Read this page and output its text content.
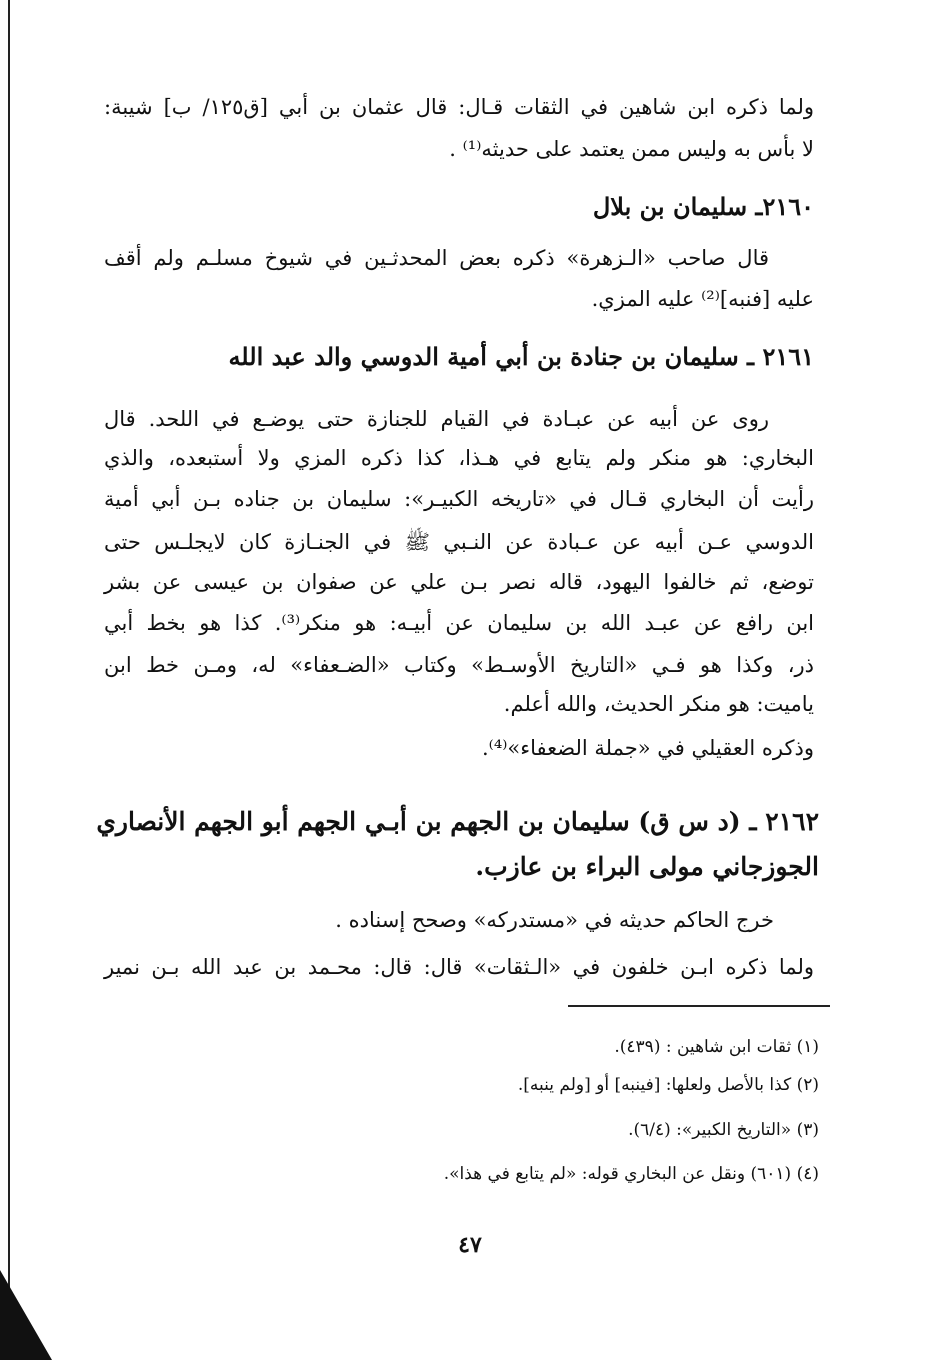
ولما ذكره ابن شاهين في الثقات قـال: قال عثمان بن أبي [ق١٢٥/ ب] شيبة:
لا بأس به وليس ممن يعتمد على حديثه⁽¹⁾ .
٢١٦٠ـ سليمان بن بلال
قال صاحب «الـزهرة» ذكره بعض المحدثـين في شيوخ مسلـم ولم أقف
عليه [فنبه]⁽²⁾ عليه المزي.
٢١٦١ ـ سليمان بن جنادة بن أبي أمية الدوسي والد عبد الله
روى عن أبيه عن عبـادة في القيام للجنازة حتى يوضـع في اللحد. قال
البخاري: هو منكر ولم يتابع في هـذا، كذا ذكره المزي ولا أستبعده، والذي
رأيت أن البخاري قـال في «تاريخه الكبيـر»: سليمان بن جناده بـن أبي أمية
الدوسي عـن أبيه عن عـبادة عن النـبي ﷺ في الجنـازة كان لايجلـس حتى
توضع، ثم خالفوا اليهود، قاله نصر بـن علي عن صفوان بن عيسى عن بشر
ابن رافع عن عبـد الله بن سليمان عن أبيـه: هو منكر⁽³⁾. كذا هو بخط أبي
ذر، وكذا هو فـي «التاريخ الأوسـط» وكتاب «الضـعفاء» له، ومـن خط ابن
ياميت: هو منكر الحديث، والله أعلم.
وذكره العقيلي في «جملة الضعفاء»⁽⁴⁾.
٢١٦٢ ـ (د س ق) سليمان بن الجهم بن أبـي الجهم أبو الجهم الأنصاري
الجوزجاني مولى البراء بن عازب.
خرج الحاكم حديثه في «مستدركه» وصحح إسناده .
ولما ذكره ابـن خلفون في «الـثقات» قال: قال: محـمد بن عبد الله بـن نمير
(١) ثقات ابن شاهين : (٤٣٩).
(٢) كذا بالأصل ولعلها: [فينبه] أو [ولم ينبه].
(٣) «التاريخ الكبير»: (٦/٤).
(٤) (٦٠١) ونقل عن البخاري قوله: «لم يتابع في هذا».
٤٧
